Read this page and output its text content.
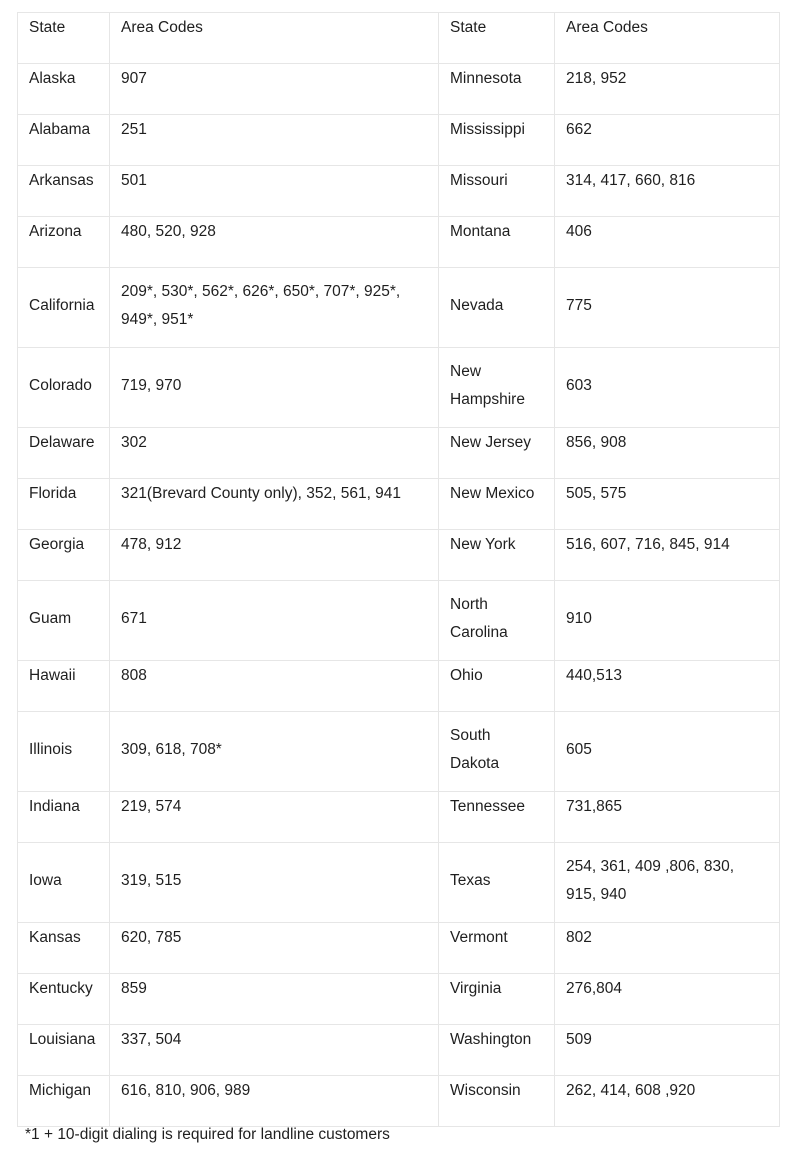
State	Area Codes	State	Area Codes
Alaska	907	Minnesota	218, 952
Alabama	251	Mississippi	662
Arkansas	501	Missouri	314, 417, 660, 816
Arizona	480, 520, 928	Montana	406
California	209*, 530*, 562*, 626*, 650*, 707*, 925*, 949*, 951*	Nevada	775
Colorado	719, 970	New Hampshire	603
Delaware	302	New Jersey	856, 908
Florida	321(Brevard County only), 352, 561, 941	New Mexico	505, 575
Georgia	478, 912	New York	516, 607, 716, 845, 914
Guam	671	North Carolina	910
Hawaii	808	Ohio	440,513
Illinois	309, 618, 708*	South Dakota	605
Indiana	219, 574	Tennessee	731,865
Iowa	319, 515	Texas	254, 361, 409 ,806, 830, 915, 940
Kansas	620, 785	Vermont	802
Kentucky	859	Virginia	276,804
Louisiana	337, 504	Washington	509
Michigan	616, 810, 906, 989	Wisconsin	262, 414, 608 ,920
*1 + 10-digit dialing is required for landline customers
